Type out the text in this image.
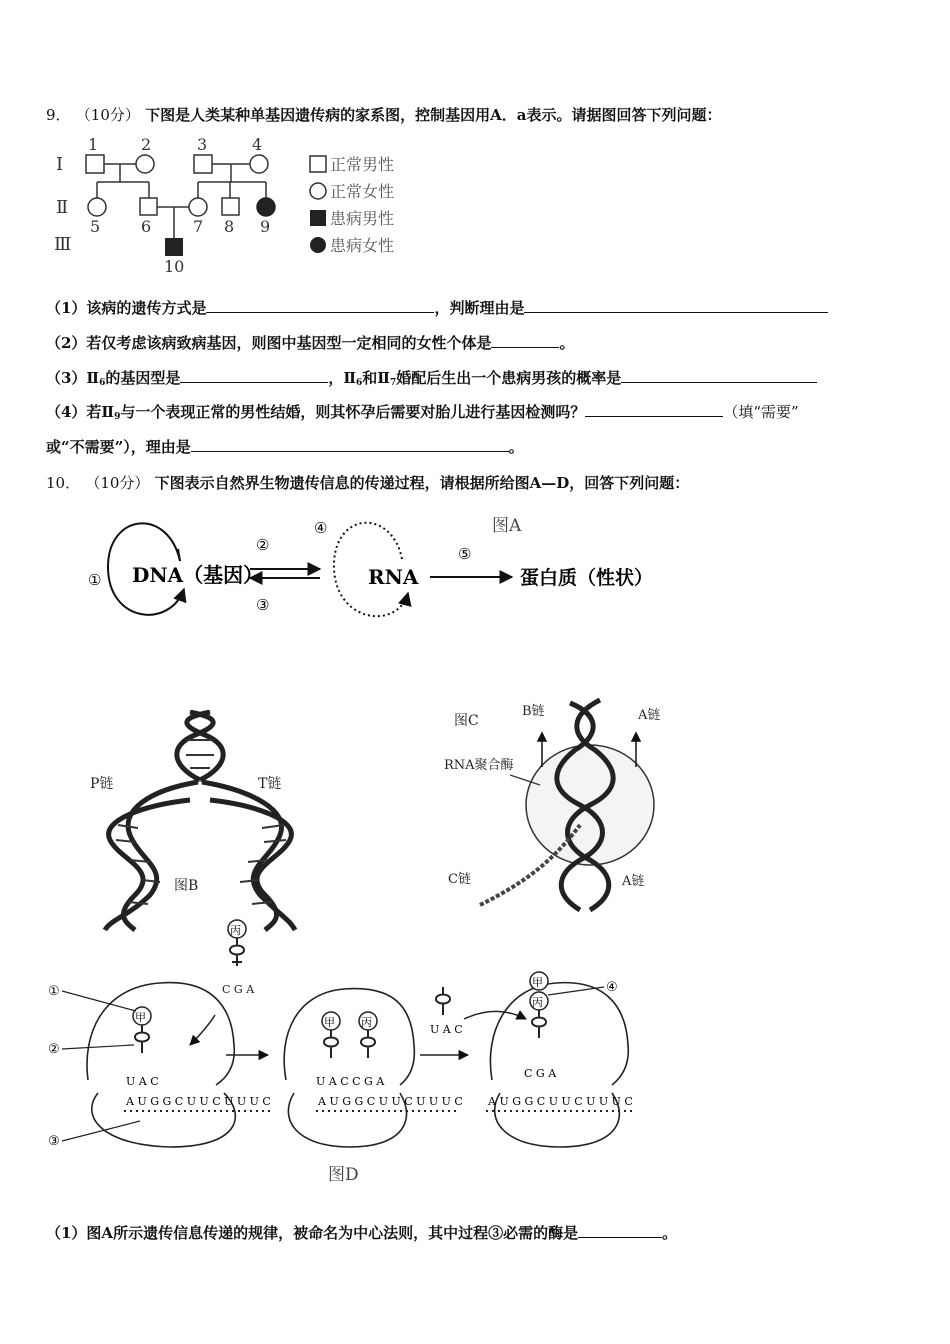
9． （10分） 下图是人类某种单基因遗传病的家系图，控制基因用A．a表示。请据图回答下列问题：
Ⅰ
Ⅱ
Ⅲ
1	2	3	4
5	6	7 8 9
10
正常男性
正常女性
患病男性
患病女性
（1）该病的遗传方式是	，判断理由是
（2）若仅考虑该病致病基因，则图中基因型一定相同的女性个体是	。
$(3)Ⅱ_6$的基因型是	，$Ⅱ_6$和$Ⅱ_7$婚配后生出一个患病男孩的概率是
（4）若$Ⅱ_9$与一个表现正常的男性结婚，则其怀孕后需要对胎儿进行基因检测吗？	（填“需要”
或“不需要”），理由是	。
10． （10分） 下图表示自然界生物遗传信息的传递过程，请根据所给图A—D，回答下列问题：
图A
① DNA（基因）
②
③
④
RNA
⑤
蛋白质（性状）
P链	T链
图B
图C
B链	A链
RNA聚合酶
C链	A链
丙
C G A
甲
U A C
A U G G C U U C U U U C
①
②
③
甲 丙
U A C C G A
A U G G C U U C U U U C
U A C
甲
丙
C G A
A U G G C U U C U U U C
④
图D
（1）图A所示遗传信息传递的规律，被命名为中心法则，其中过程③必需的酶是	。
